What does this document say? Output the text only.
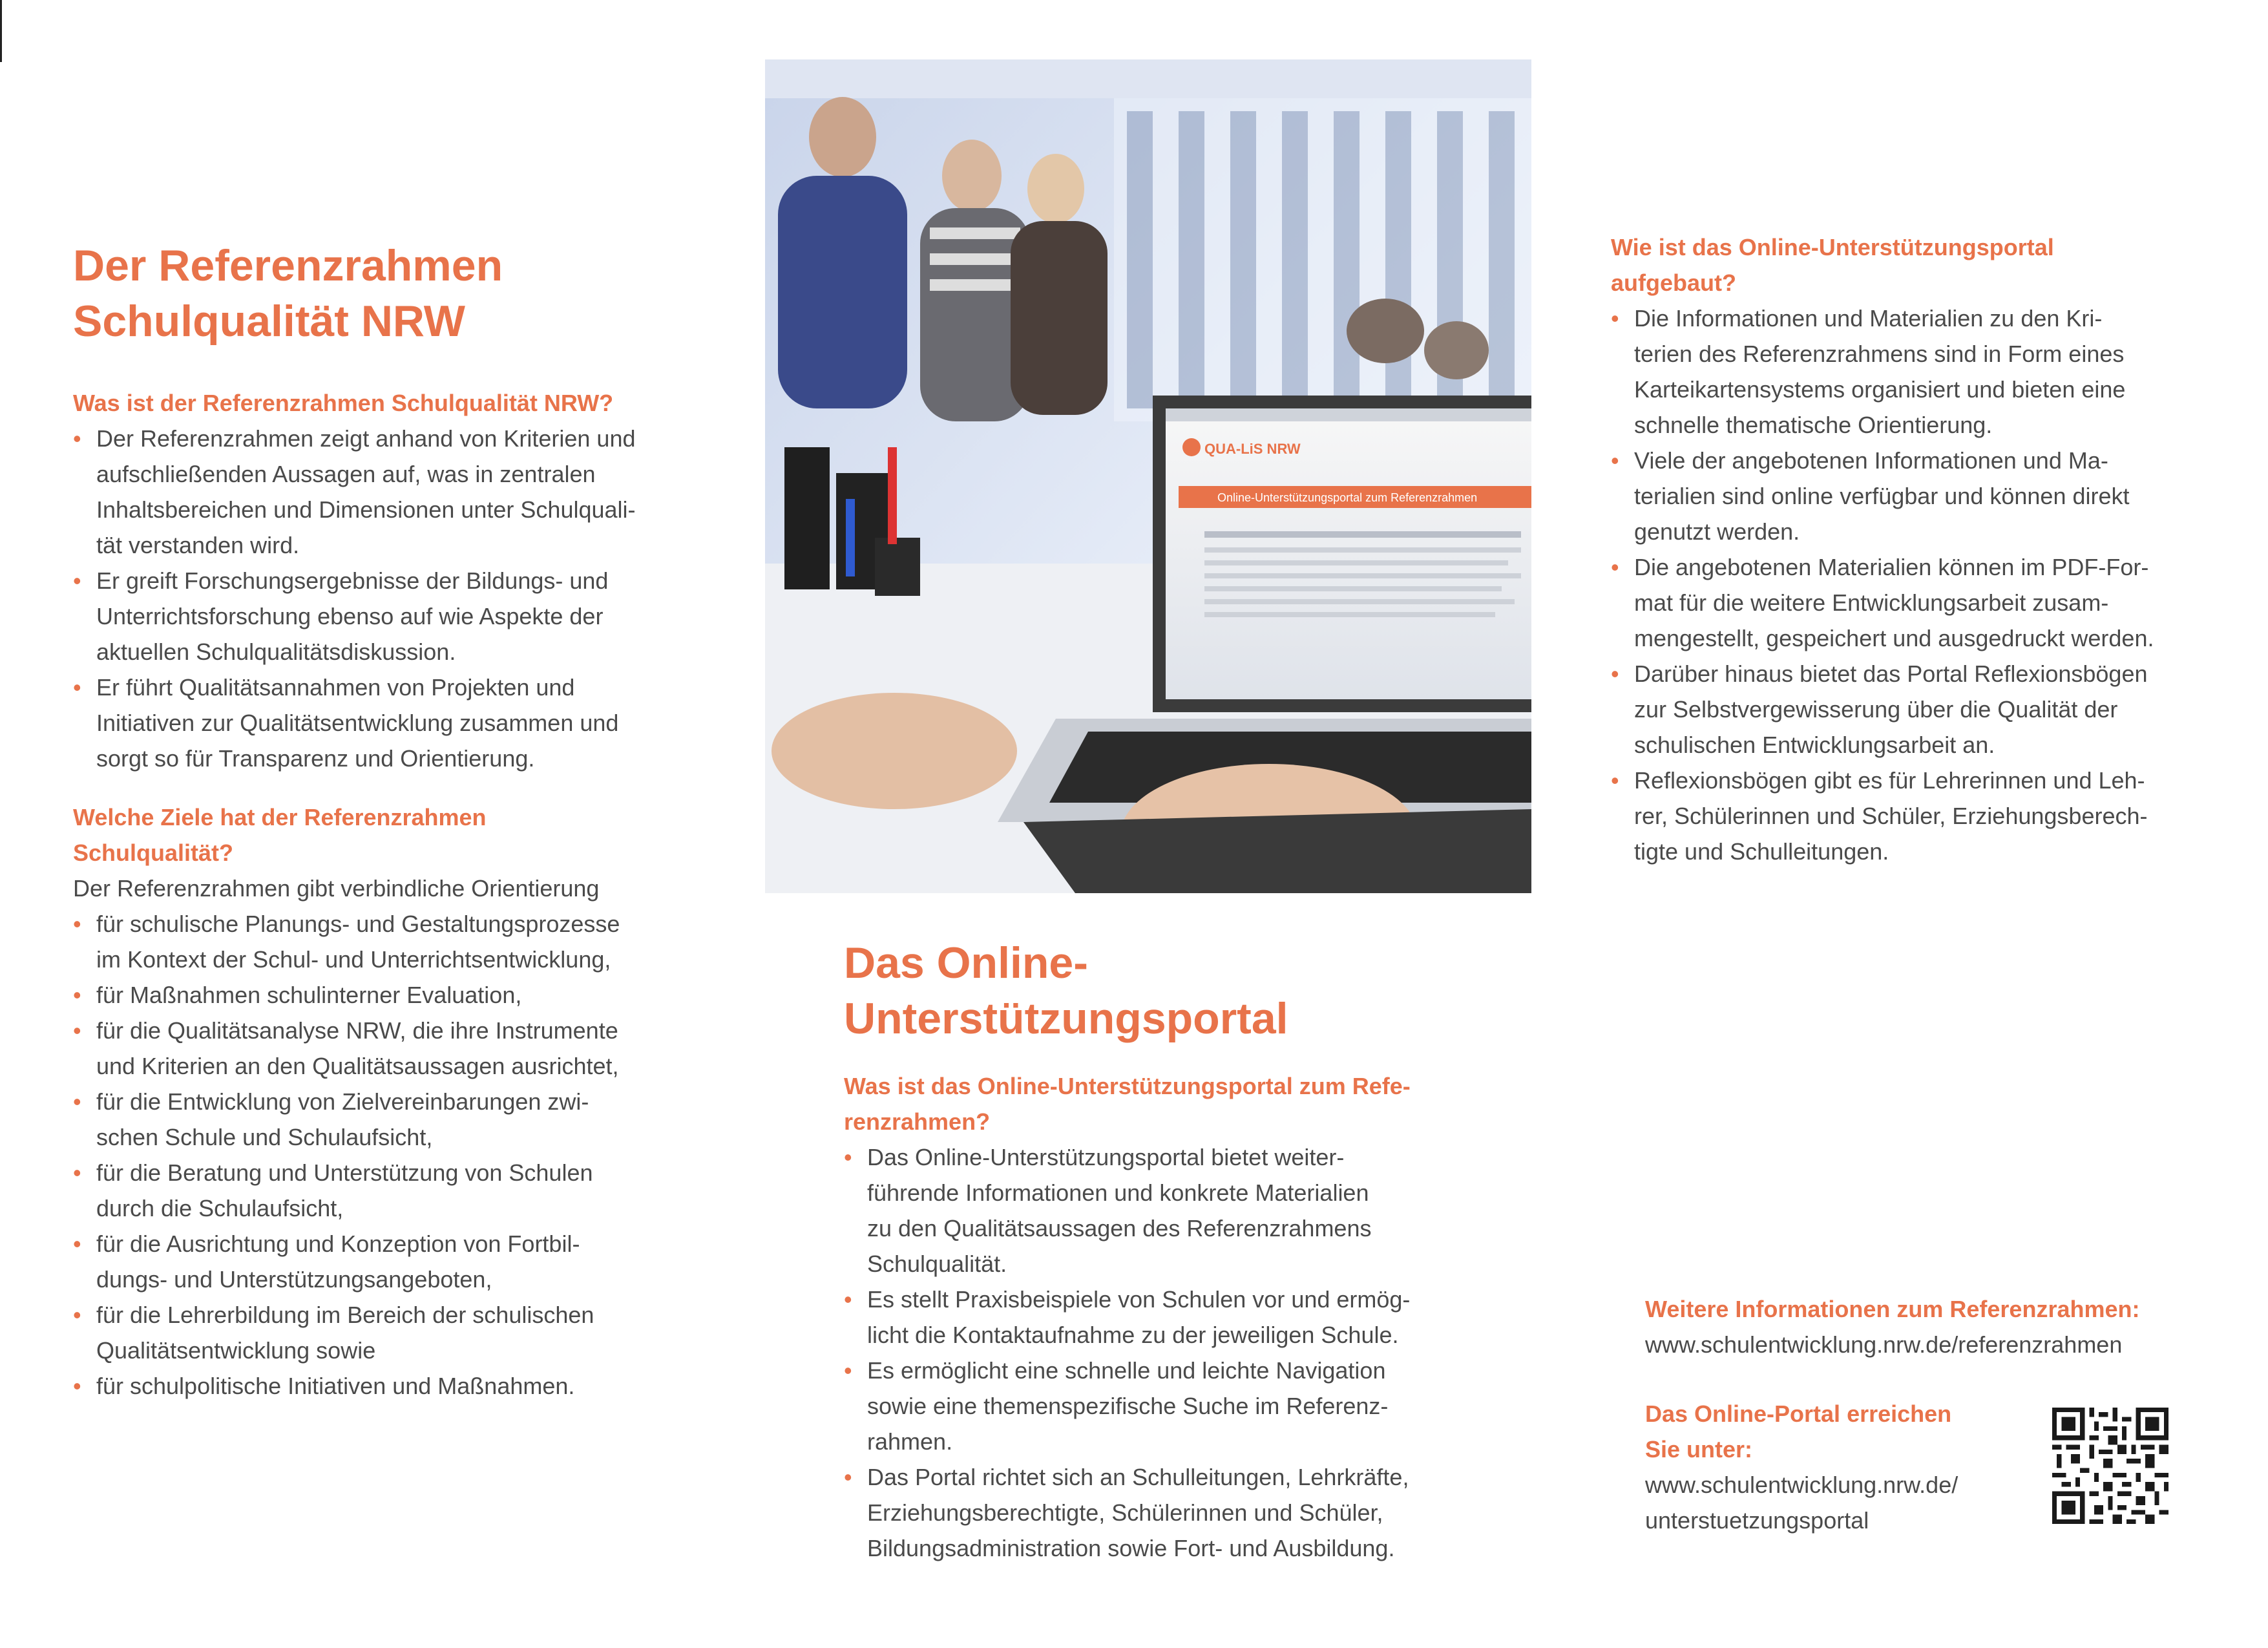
Der Referenzrahmen
Schulqualität NRW
Was ist der Referenzrahmen Schulqualität NRW?
• Der Referenzrahmen zeigt anhand von Kriterien und
aufschließenden Aussagen auf, was in zentralen
Inhaltsbereichen und Dimensionen unter Schulquali-
tät verstanden wird.
• Er greift Forschungsergebnisse der Bildungs- und
Unterrichtsforschung ebenso auf wie Aspekte der
aktuellen Schulqualitätsdiskussion.
• Er führt Qualitätsannahmen von Projekten und
Initiativen zur Qualitätsentwicklung zusammen und
sorgt so für Transparenz und Orientierung.
Welche Ziele hat der Referenzrahmen
Schulqualität?
Der Referenzrahmen gibt verbindliche Orientierung
• für schulische Planungs- und Gestaltungsprozesse
im Kontext der Schul- und Unterrichtsentwicklung,
• für Maßnahmen schulinterner Evaluation,
• für die Qualitätsanalyse NRW, die ihre Instrumente
und Kriterien an den Qualitätsaussagen ausrichtet,
• für die Entwicklung von Zielvereinbarungen zwi-
schen Schule und Schulaufsicht,
• für die Beratung und Unterstützung von Schulen
durch die Schulaufsicht,
• für die Ausrichtung und Konzeption von Fortbil-
dungs- und Unterstützungsangeboten,
• für die Lehrerbildung im Bereich der schulischen
Qualitätsentwicklung sowie
• für schulpolitische Initiativen und Maßnahmen.
QUA-LiS NRW
Online-Unterstützungsportal zum Referenzrahmen
Das Online-
Unterstützungsportal
Was ist das Online-Unterstützungsportal zum Refe-
renzrahmen?
• Das Online-Unterstützungsportal bietet weiter-
führende Informationen und konkrete Materialien
zu den Qualitätsaussagen des Referenzrahmens
Schulqualität.
• Es stellt Praxisbeispiele von Schulen vor und ermög-
licht die Kontaktaufnahme zu der jeweiligen Schule.
• Es ermöglicht eine schnelle und leichte Navigation
sowie eine themenspezifische Suche im Referenz-
rahmen.
• Das Portal richtet sich an Schulleitungen, Lehrkräfte,
Erziehungsberechtigte, Schülerinnen und Schüler,
Bildungsadministration sowie Fort- und Ausbildung.
Wie ist das Online-Unterstützungsportal
aufgebaut?
• Die Informationen und Materialien zu den Kri-
terien des Referenzrahmens sind in Form eines
Karteikartensystems organisiert und bieten eine
schnelle thematische Orientierung.
• Viele der angebotenen Informationen und Ma-
terialien sind online verfügbar und können direkt
genutzt werden.
• Die angebotenen Materialien können im PDF-For-
mat für die weitere Entwicklungsarbeit zusam-
mengestellt, gespeichert und ausgedruckt werden.
• Darüber hinaus bietet das Portal Reflexionsbögen
zur Selbstvergewisserung über die Qualität der
schulischen Entwicklungsarbeit an.
• Reflexionsbögen gibt es für Lehrerinnen und Leh-
rer, Schülerinnen und Schüler, Erziehungsberech-
tigte und Schulleitungen.
Weitere Informationen zum Referenzrahmen:
www.schulentwicklung.nrw.de/referenzrahmen
Das Online-Portal erreichen
Sie unter:
www.schulentwicklung.nrw.de/
unterstuetzungsportal
